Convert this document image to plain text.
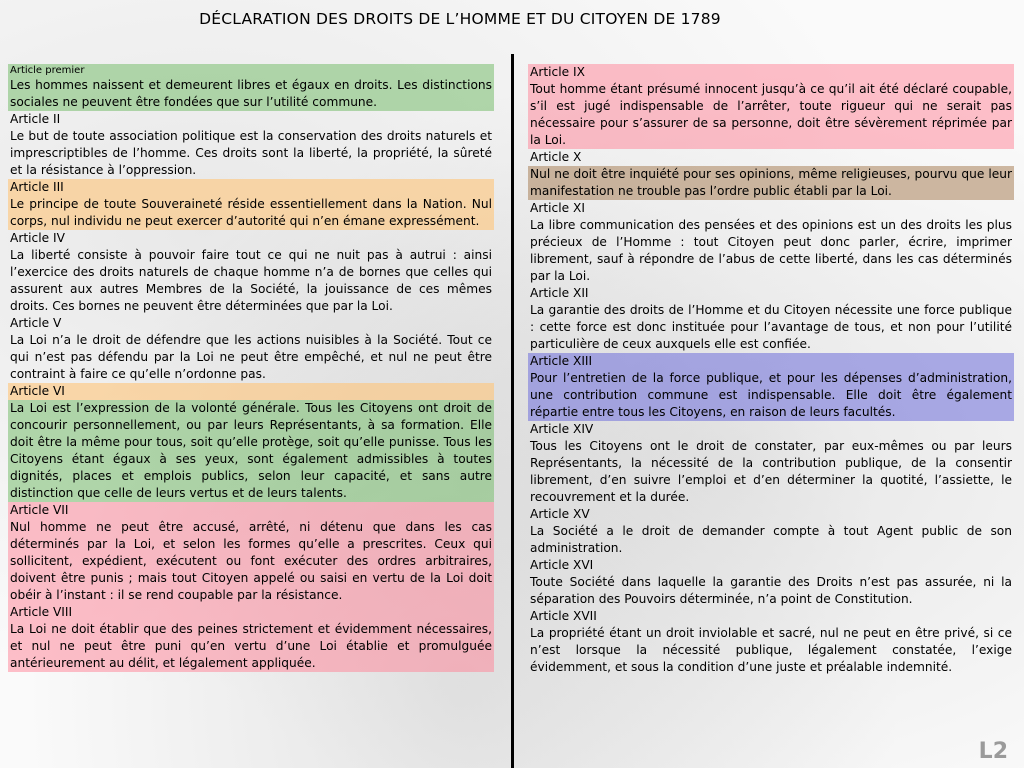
DÉCLARATION DES DROITS DE L’HOMME ET DU CITOYEN DE 1789
Article premier
Les hommes naissent et demeurent libres et égaux en droits. Les distinctions sociales ne peuvent être fondées que sur l’utilité commune.
Article II
Le but de toute association politique est la conservation des droits naturels et imprescriptibles de l’homme. Ces droits sont la liberté, la propriété, la sûreté et la résistance à l’oppression.
Article III
Le principe de toute Souveraineté réside essentiellement dans la Nation. Nul corps, nul individu ne peut exercer d’autorité qui n’en émane expressément.
Article IV
La liberté consiste à pouvoir faire tout ce qui ne nuit pas à autrui : ainsi l’exercice des droits naturels de chaque homme n’a de bornes que celles qui assurent aux autres Membres de la Société, la jouissance de ces mêmes droits. Ces bornes ne peuvent être déterminées que par la Loi.
Article V
La Loi n’a le droit de défendre que les actions nuisibles à la Société. Tout ce qui n’est pas défendu par la Loi ne peut être empêché, et nul ne peut être contraint à faire ce qu’elle n’ordonne pas.
Article VI
La Loi est l’expression de la volonté générale. Tous les Citoyens ont droit de concourir personnellement, ou par leurs Représentants, à sa formation. Elle doit être la même pour tous, soit qu’elle protège, soit qu’elle punisse. Tous les Citoyens étant égaux à ses yeux, sont également admissibles à toutes dignités, places et emplois publics, selon leur capacité, et sans autre distinction que celle de leurs vertus et de leurs talents.
Article VII
Nul homme ne peut être accusé, arrêté, ni détenu que dans les cas déterminés par la Loi, et selon les formes qu’elle a prescrites. Ceux qui sollicitent, expédient, exécutent ou font exécuter des ordres arbitraires, doivent être punis ; mais tout Citoyen appelé ou saisi en vertu de la Loi doit obéir à l’instant : il se rend coupable par la résistance.
Article VIII
La Loi ne doit établir que des peines strictement et évidemment nécessaires, et nul ne peut être puni qu’en vertu d’une Loi établie et promulguée antérieurement au délit, et légalement appliquée.
Article IX
Tout homme étant présumé innocent jusqu’à ce qu’il ait été déclaré coupable, s’il est jugé indispensable de l’arrêter, toute rigueur qui ne serait pas nécessaire pour s’assurer de sa personne, doit être sévèrement réprimée par la Loi.
Article X
Nul ne doit être inquiété pour ses opinions, même religieuses, pourvu que leur manifestation ne trouble pas l’ordre public établi par la Loi.
Article XI
La libre communication des pensées et des opinions est un des droits les plus précieux de l’Homme : tout Citoyen peut donc parler, écrire, imprimer librement, sauf à répondre de l’abus de cette liberté, dans les cas déterminés par la Loi.
Article XII
La garantie des droits de l’Homme et du Citoyen nécessite une force publique : cette force est donc instituée pour l’avantage de tous, et non pour l’utilité particulière de ceux auxquels elle est confiée.
Article XIII
Pour l’entretien de la force publique, et pour les dépenses d’administration, une contribution commune est indispensable. Elle doit être également répartie entre tous les Citoyens, en raison de leurs facultés.
Article XIV
Tous les Citoyens ont le droit de constater, par eux-mêmes ou par leurs Représentants, la nécessité de la contribution publique, de la consentir librement, d’en suivre l’emploi et d’en déterminer la quotité, l’assiette, le recouvrement et la durée.
Article XV
La Société a le droit de demander compte à tout Agent public de son administration.
Article XVI
Toute Société dans laquelle la garantie des Droits n’est pas assurée, ni la séparation des Pouvoirs déterminée, n’a point de Constitution.
Article XVII
La propriété étant un droit inviolable et sacré, nul ne peut en être privé, si ce n’est lorsque la nécessité publique, légalement constatée, l’exige évidemment, et sous la condition d’une juste et préalable indemnité.
L2
